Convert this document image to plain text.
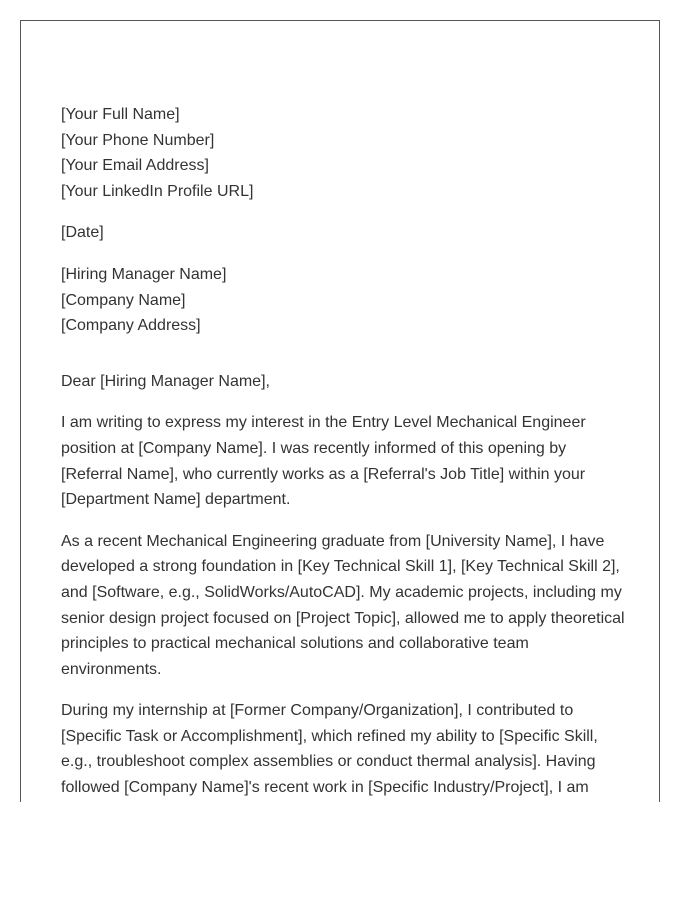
[Your Full Name]
[Your Phone Number]
[Your Email Address]
[Your LinkedIn Profile URL]
[Date]
[Hiring Manager Name]
[Company Name]
[Company Address]

Dear [Hiring Manager Name],

I am writing to express my interest in the Entry Level Mechanical Engineer position at [Company Name]. I was recently informed of this opening by [Referral Name], who currently works as a [Referral's Job Title] within your [Department Name] department.

As a recent Mechanical Engineering graduate from [University Name], I have developed a strong foundation in [Key Technical Skill 1], [Key Technical Skill 2], and [Software, e.g., SolidWorks/AutoCAD]. My academic projects, including my senior design project focused on [Project Topic], allowed me to apply theoretical principles to practical mechanical solutions and collaborative team environments.

During my internship at [Former Company/Organization], I contributed to [Specific Task or Accomplishment], which refined my ability to [Specific Skill, e.g., troubleshoot complex assemblies or conduct thermal analysis]. Having followed [Company Name]'s recent work in [Specific Industry/Project], I am
